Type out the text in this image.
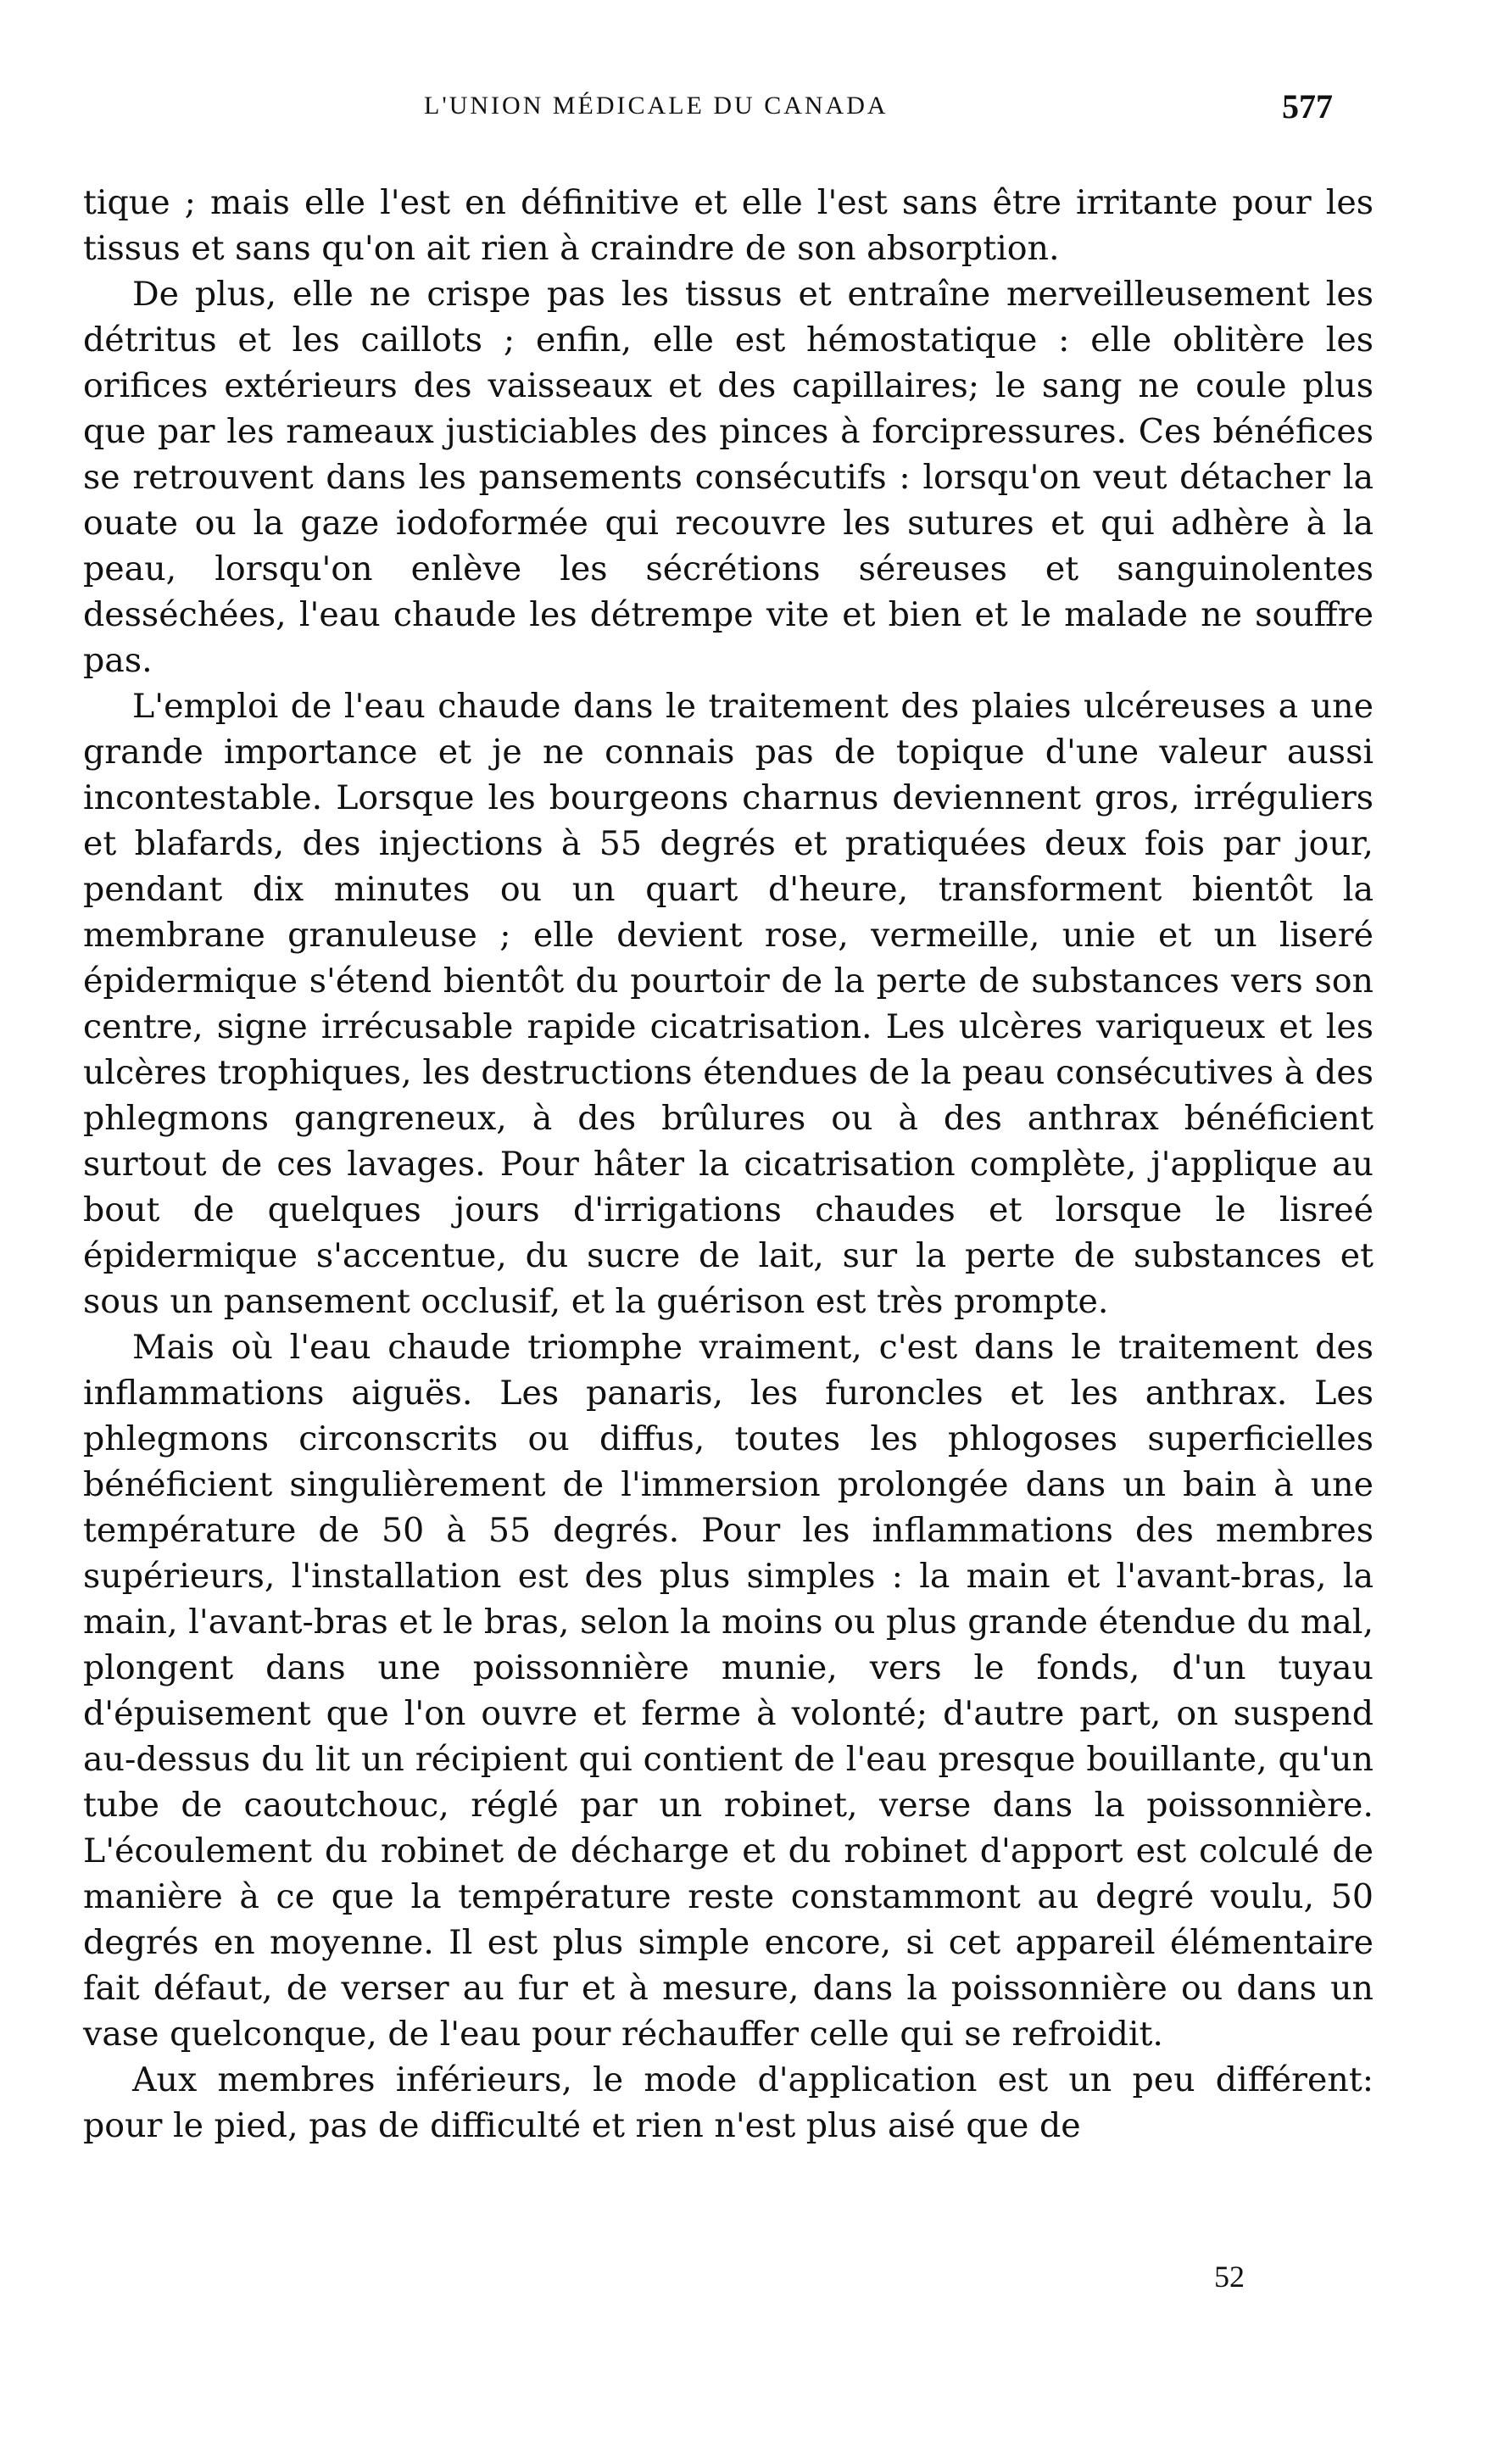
L'UNION MÉDICALE DU CANADA	577

tique ; mais elle l'est en définitive et elle l'est sans être irritante pour les tissus et sans qu'on ait rien à craindre de son absorption.

De plus, elle ne crispe pas les tissus et entraîne merveilleusement les détritus et les caillots ; enfin, elle est hémostatique : elle oblitère les orifices extérieurs des vaisseaux et des capillaires; le sang ne coule plus que par les rameaux justiciables des pinces à forcipressures. Ces bénéfices se retrouvent dans les pansements consécutifs : lorsqu'on veut détacher la ouate ou la gaze iodoformée qui recouvre les sutures et qui adhère à la peau, lorsqu'on enlève les sécrétions séreuses et sanguinolentes desséchées, l'eau chaude les détrempe vite et bien et le malade ne souffre pas.

L'emploi de l'eau chaude dans le traitement des plaies ulcéreuses a une grande importance et je ne connais pas de topique d'une valeur aussi incontestable. Lorsque les bourgeons charnus deviennent gros, irréguliers et blafards, des injections à 55 degrés et pratiquées deux fois par jour, pendant dix minutes ou un quart d'heure, transforment bientôt la membrane granuleuse ; elle devient rose, vermeille, unie et un liseré épidermique s'étend bientôt du pourtoir de la perte de substances vers son centre, signe irrécusable rapide cicatrisation. Les ulcères variqueux et les ulcères trophiques, les destructions étendues de la peau consécutives à des phlegmons gangreneux, à des brûlures ou à des anthrax bénéficient surtout de ces lavages. Pour hâter la cicatrisation complète, j'applique au bout de quelques jours d'irrigations chaudes et lorsque le lisreé épidermique s'accentue, du sucre de lait, sur la perte de substances et sous un pansement occlusif, et la guérison est très prompte.

Mais où l'eau chaude triomphe vraiment, c'est dans le traitement des inflammations aiguës. Les panaris, les furoncles et les anthrax. Les phlegmons circonscrits ou diffus, toutes les phlogoses superficielles bénéficient singulièrement de l'immersion prolongée dans un bain à une température de 50 à 55 degrés. Pour les inflammations des membres supérieurs, l'installation est des plus simples : la main et l'avant-bras, la main, l'avant-bras et le bras, selon la moins ou plus grande étendue du mal, plongent dans une poissonnière munie, vers le fonds, d'un tuyau d'épuisement que l'on ouvre et ferme à volonté; d'autre part, on suspend au-dessus du lit un récipient qui contient de l'eau presque bouillante, qu'un tube de caoutchouc, réglé par un robinet, verse dans la poissonnière. L'écoulement du robinet de décharge et du robinet d'apport est colculé de manière à ce que la température reste constammont au degré voulu, 50 degrés en moyenne. Il est plus simple encore, si cet appareil élémentaire fait défaut, de verser au fur et à mesure, dans la poissonnière ou dans un vase quelconque, de l'eau pour réchauffer celle qui se refroidit.

Aux membres inférieurs, le mode d'application est un peu différent: pour le pied, pas de difficulté et rien n'est plus aisé que de

52
